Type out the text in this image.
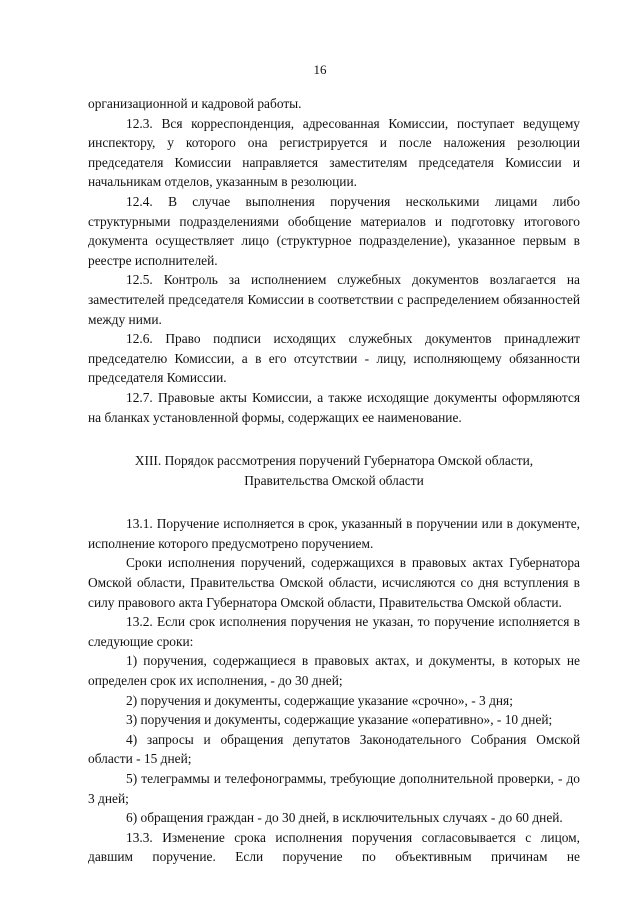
16

организационной и кадровой работы.

12.3. Вся корреспонденция, адресованная Комиссии, поступает ведущему инспектору, у которого она регистрируется и после наложения резолюции председателя Комиссии направляется заместителям председателя Комиссии и начальникам отделов, указанным в резолюции.

12.4. В случае выполнения поручения несколькими лицами либо структурными подразделениями обобщение материалов и подготовку итогового документа осуществляет лицо (структурное подразделение), указанное первым в реестре исполнителей.

12.5. Контроль за исполнением служебных документов возлагается на заместителей председателя Комиссии в соответствии с распределением обязанностей между ними.

12.6. Право подписи исходящих служебных документов принадлежит председателю Комиссии, а в его отсутствии - лицу, исполняющему обязанности председателя Комиссии.

12.7. Правовые акты Комиссии, а также исходящие документы оформляются на бланках установленной формы, содержащих ее наименование.

XIII. Порядок рассмотрения поручений Губернатора Омской области, Правительства Омской области

13.1. Поручение исполняется в срок, указанный в поручении или в документе, исполнение которого предусмотрено поручением.

Сроки исполнения поручений, содержащихся в правовых актах Губернатора Омской области, Правительства Омской области, исчисляются со дня вступления в силу правового акта Губернатора Омской области, Правительства Омской области.

13.2. Если срок исполнения поручения не указан, то поручение исполняется в следующие сроки:

1) поручения, содержащиеся в правовых актах, и документы, в которых не определен срок их исполнения, - до 30 дней;

2) поручения и документы, содержащие указание «срочно», - 3 дня;

3) поручения и документы, содержащие указание «оперативно», - 10 дней;

4) запросы и обращения депутатов Законодательного Собрания Омской области - 15 дней;

5) телеграммы и телефонограммы, требующие дополнительной проверки, - до 3 дней;

6) обращения граждан - до 30 дней, в исключительных случаях - до 60 дней.

13.3. Изменение срока исполнения поручения согласовывается с лицом, давшим поручение. Если поручение по объективным причинам не
